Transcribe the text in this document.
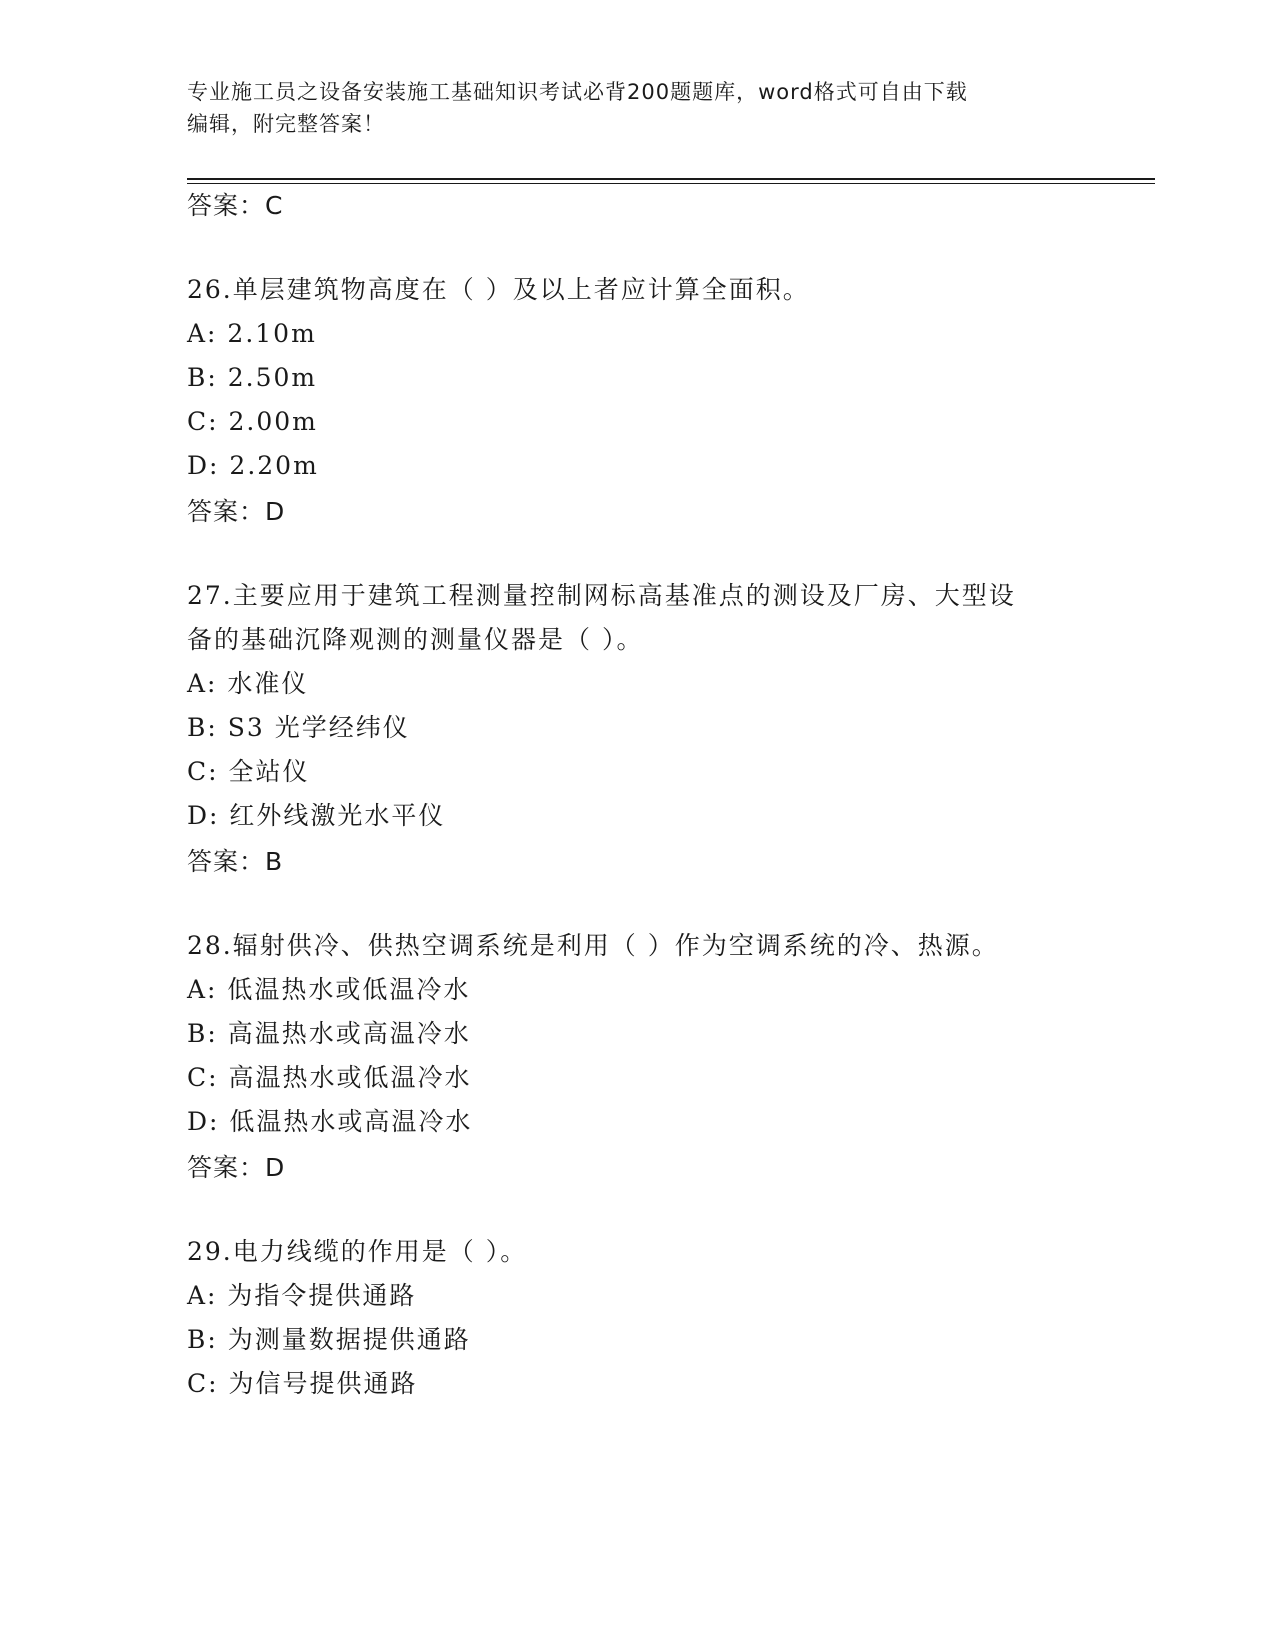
专业施工员之设备安装施工基础知识考试必背200题题库，word格式可自由下载
编辑，附完整答案！
答案：C
26.单层建筑物高度在（ ）及以上者应计算全面积。
A: 2.10m
B: 2.50m
C: 2.00m
D: 2.20m
答案：D
27.主要应用于建筑工程测量控制网标高基准点的测设及厂房、大型设
备的基础沉降观测的测量仪器是（ ）。
A: 水准仪
B: S3 光学经纬仪
C: 全站仪
D: 红外线激光水平仪
答案：B
28.辐射供冷、供热空调系统是利用（ ）作为空调系统的冷、热源。
A: 低温热水或低温冷水
B: 高温热水或高温冷水
C: 高温热水或低温冷水
D: 低温热水或高温冷水
答案：D
29.电力线缆的作用是（ ）。
A: 为指令提供通路
B: 为测量数据提供通路
C: 为信号提供通路
